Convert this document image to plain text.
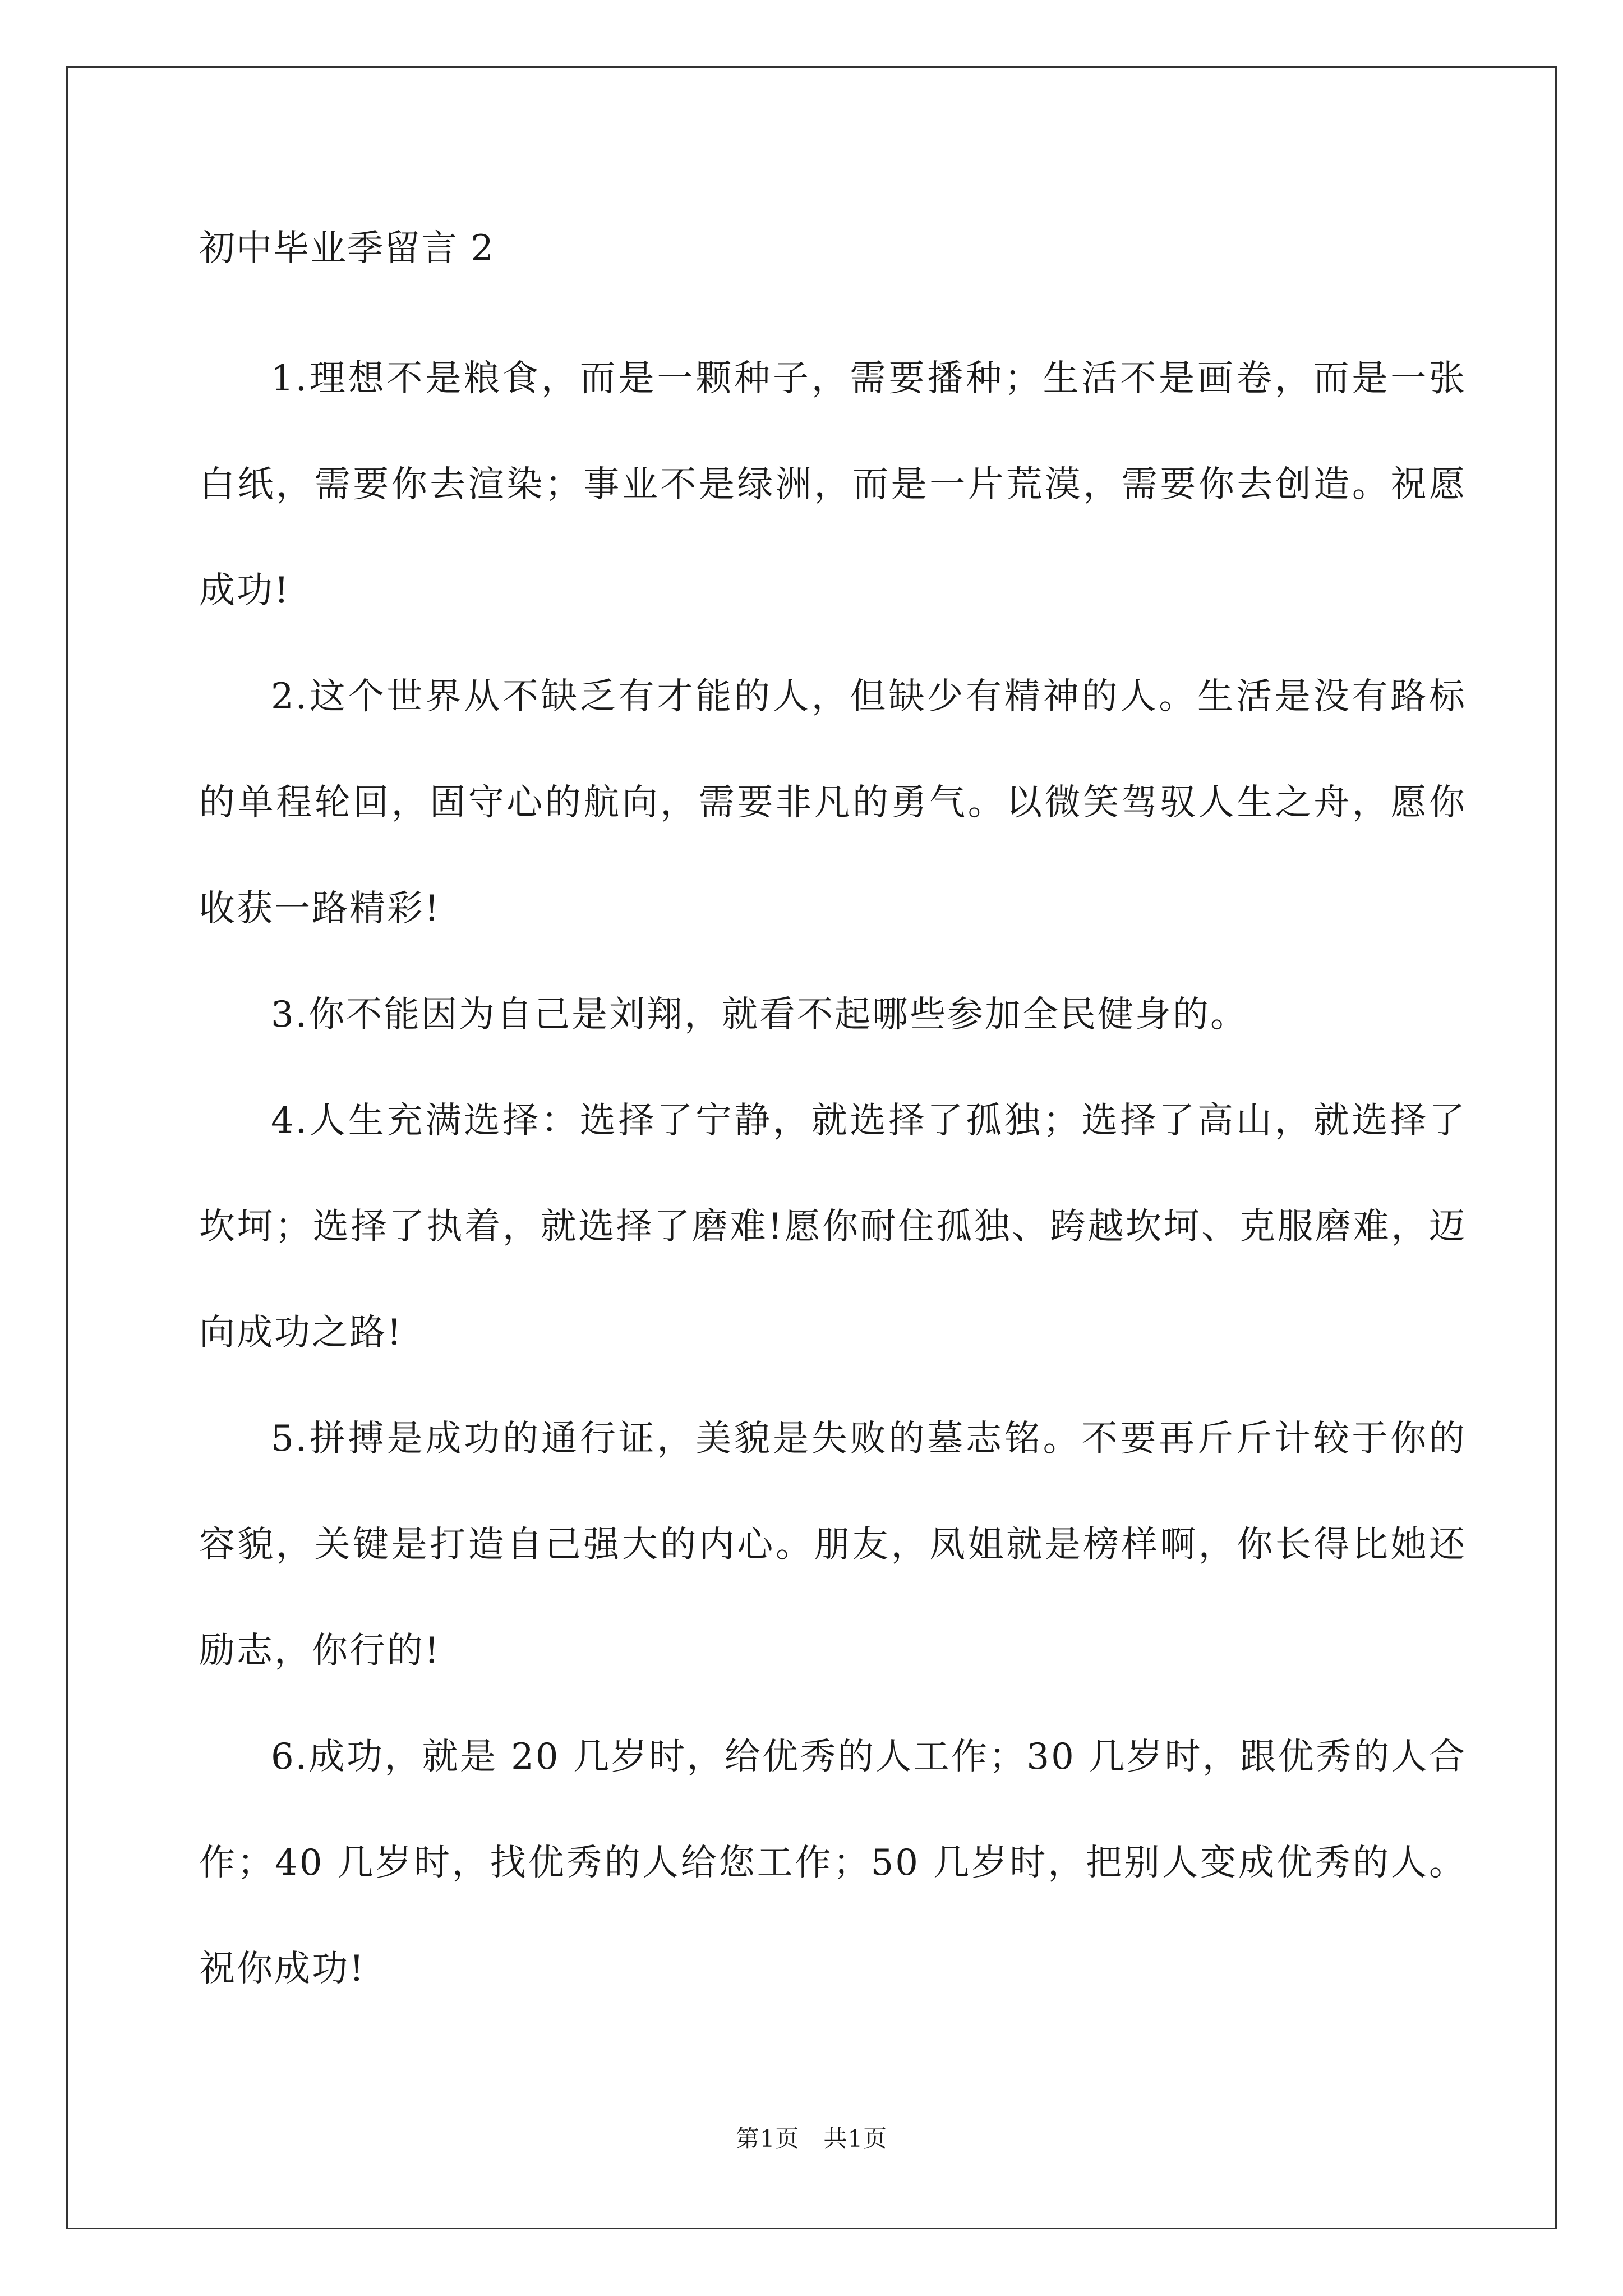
初中毕业季留言 2

1.理想不是粮食，而是一颗种子，需要播种；生活不是画卷，而是一张白纸，需要你去渲染；事业不是绿洲，而是一片荒漠，需要你去创造。祝愿成功!

2.这个世界从不缺乏有才能的人，但缺少有精神的人。生活是没有路标的单程轮回，固守心的航向，需要非凡的勇气。以微笑驾驭人生之舟，愿你收获一路精彩!

3.你不能因为自己是刘翔，就看不起哪些参加全民健身的。

4.人生充满选择：选择了宁静，就选择了孤独；选择了高山，就选择了坎坷；选择了执着，就选择了磨难!愿你耐住孤独、跨越坎坷、克服磨难，迈向成功之路!

5.拼搏是成功的通行证，美貌是失败的墓志铭。不要再斤斤计较于你的容貌，关键是打造自己强大的内心。朋友，凤姐就是榜样啊，你长得比她还励志，你行的!

6.成功，就是 20 几岁时，给优秀的人工作；30 几岁时，跟优秀的人合作；40 几岁时，找优秀的人给您工作；50 几岁时，把别人变成优秀的人。祝你成功!

第1页　共1页
